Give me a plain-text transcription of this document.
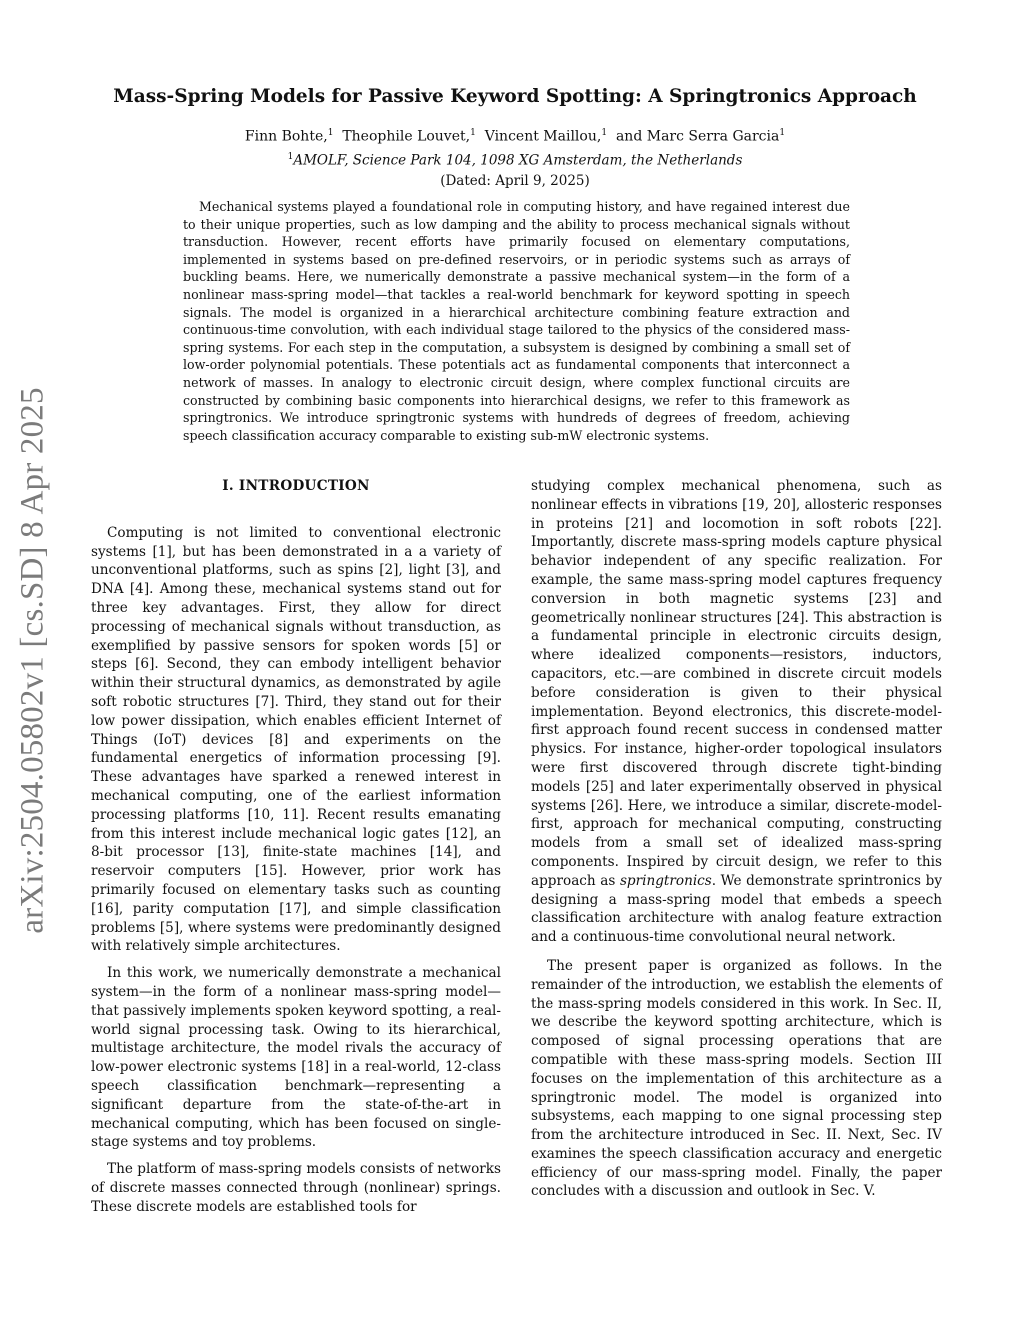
arXiv:2504.05802v1 [cs.SD] 8 Apr 2025
Mass-Spring Models for Passive Keyword Spotting: A Springtronics Approach
Finn Bohte,$^1$ Theophile Louvet,$^1$ Vincent Maillou,$^1$ and Marc Serra Garcia$^1$
$^1$AMOLF, Science Park 104, 1098 XG Amsterdam, the Netherlands
(Dated: April 9, 2025)
Mechanical systems played a foundational role in computing history, and have regained interest due to their unique properties, such as low damping and the ability to process mechanical signals without transduction. However, recent efforts have primarily focused on elementary computations, implemented in systems based on pre-defined reservoirs, or in periodic systems such as arrays of buckling beams. Here, we numerically demonstrate a passive mechanical system—in the form of a nonlinear mass-spring model—that tackles a real-world benchmark for keyword spotting in speech signals. The model is organized in a hierarchical architecture combining feature extraction and continuous-time convolution, with each individual stage tailored to the physics of the considered mass-spring systems. For each step in the computation, a subsystem is designed by combining a small set of low-order polynomial potentials. These potentials act as fundamental components that interconnect a network of masses. In analogy to electronic circuit design, where complex functional circuits are constructed by combining basic components into hierarchical designs, we refer to this framework as springtronics. We introduce springtronic systems with hundreds of degrees of freedom, achieving speech classification accuracy comparable to existing sub-mW electronic systems.
I. INTRODUCTION

Computing is not limited to conventional electronic systems [1], but has been demonstrated in a a variety of unconventional platforms, such as spins [2], light [3], and DNA [4]. Among these, mechanical systems stand out for three key advantages. First, they allow for direct processing of mechanical signals without transduction, as exemplified by passive sensors for spoken words [5] or steps [6]. Second, they can embody intelligent behavior within their structural dynamics, as demonstrated by agile soft robotic structures [7]. Third, they stand out for their low power dissipation, which enables efficient Internet of Things (IoT) devices [8] and experiments on the fundamental energetics of information processing [9]. These advantages have sparked a renewed interest in mechanical computing, one of the earliest information processing platforms [10, 11]. Recent results emanating from this interest include mechanical logic gates [12], an 8-bit processor [13], finite-state machines [14], and reservoir computers [15]. However, prior work has primarily focused on elementary tasks such as counting [16], parity computation [17], and simple classification problems [5], where systems were predominantly designed with relatively simple architectures.

In this work, we numerically demonstrate a mechanical system—in the form of a nonlinear mass-spring model—that passively implements spoken keyword spotting, a real-world signal processing task. Owing to its hierarchical, multistage architecture, the model rivals the accuracy of low-power electronic systems [18] in a real-world, 12-class speech classification benchmark—representing a significant departure from the state-of-the-art in mechanical computing, which has been focused on single-stage systems and toy problems.

The platform of mass-spring models consists of networks of discrete masses connected through (nonlinear) springs. These discrete models are established tools for

studying complex mechanical phenomena, such as nonlinear effects in vibrations [19, 20], allosteric responses in proteins [21] and locomotion in soft robots [22]. Importantly, discrete mass-spring models capture physical behavior independent of any specific realization. For example, the same mass-spring model captures frequency conversion in both magnetic systems [23] and geometrically nonlinear structures [24]. This abstraction is a fundamental principle in electronic circuits design, where idealized components—resistors, inductors, capacitors, etc.—are combined in discrete circuit models before consideration is given to their physical implementation. Beyond electronics, this discrete-model-first approach found recent success in condensed matter physics. For instance, higher-order topological insulators were first discovered through discrete tight-binding models [25] and later experimentally observed in physical systems [26]. Here, we introduce a similar, discrete-model-first, approach for mechanical computing, constructing models from a small set of idealized mass-spring components. Inspired by circuit design, we refer to this approach as springtronics. We demonstrate sprintronics by designing a mass-spring model that embeds a speech classification architecture with analog feature extraction and a continuous-time convolutional neural network.

The present paper is organized as follows. In the remainder of the introduction, we establish the elements of the mass-spring models considered in this work. In Sec. II, we describe the keyword spotting architecture, which is composed of signal processing operations that are compatible with these mass-spring models. Section III focuses on the implementation of this architecture as a springtronic model. The model is organized into subsystems, each mapping to one signal processing step from the architecture introduced in Sec. II. Next, Sec. IV examines the speech classification accuracy and energetic efficiency of our mass-spring model. Finally, the paper concludes with a discussion and outlook in Sec. V.
